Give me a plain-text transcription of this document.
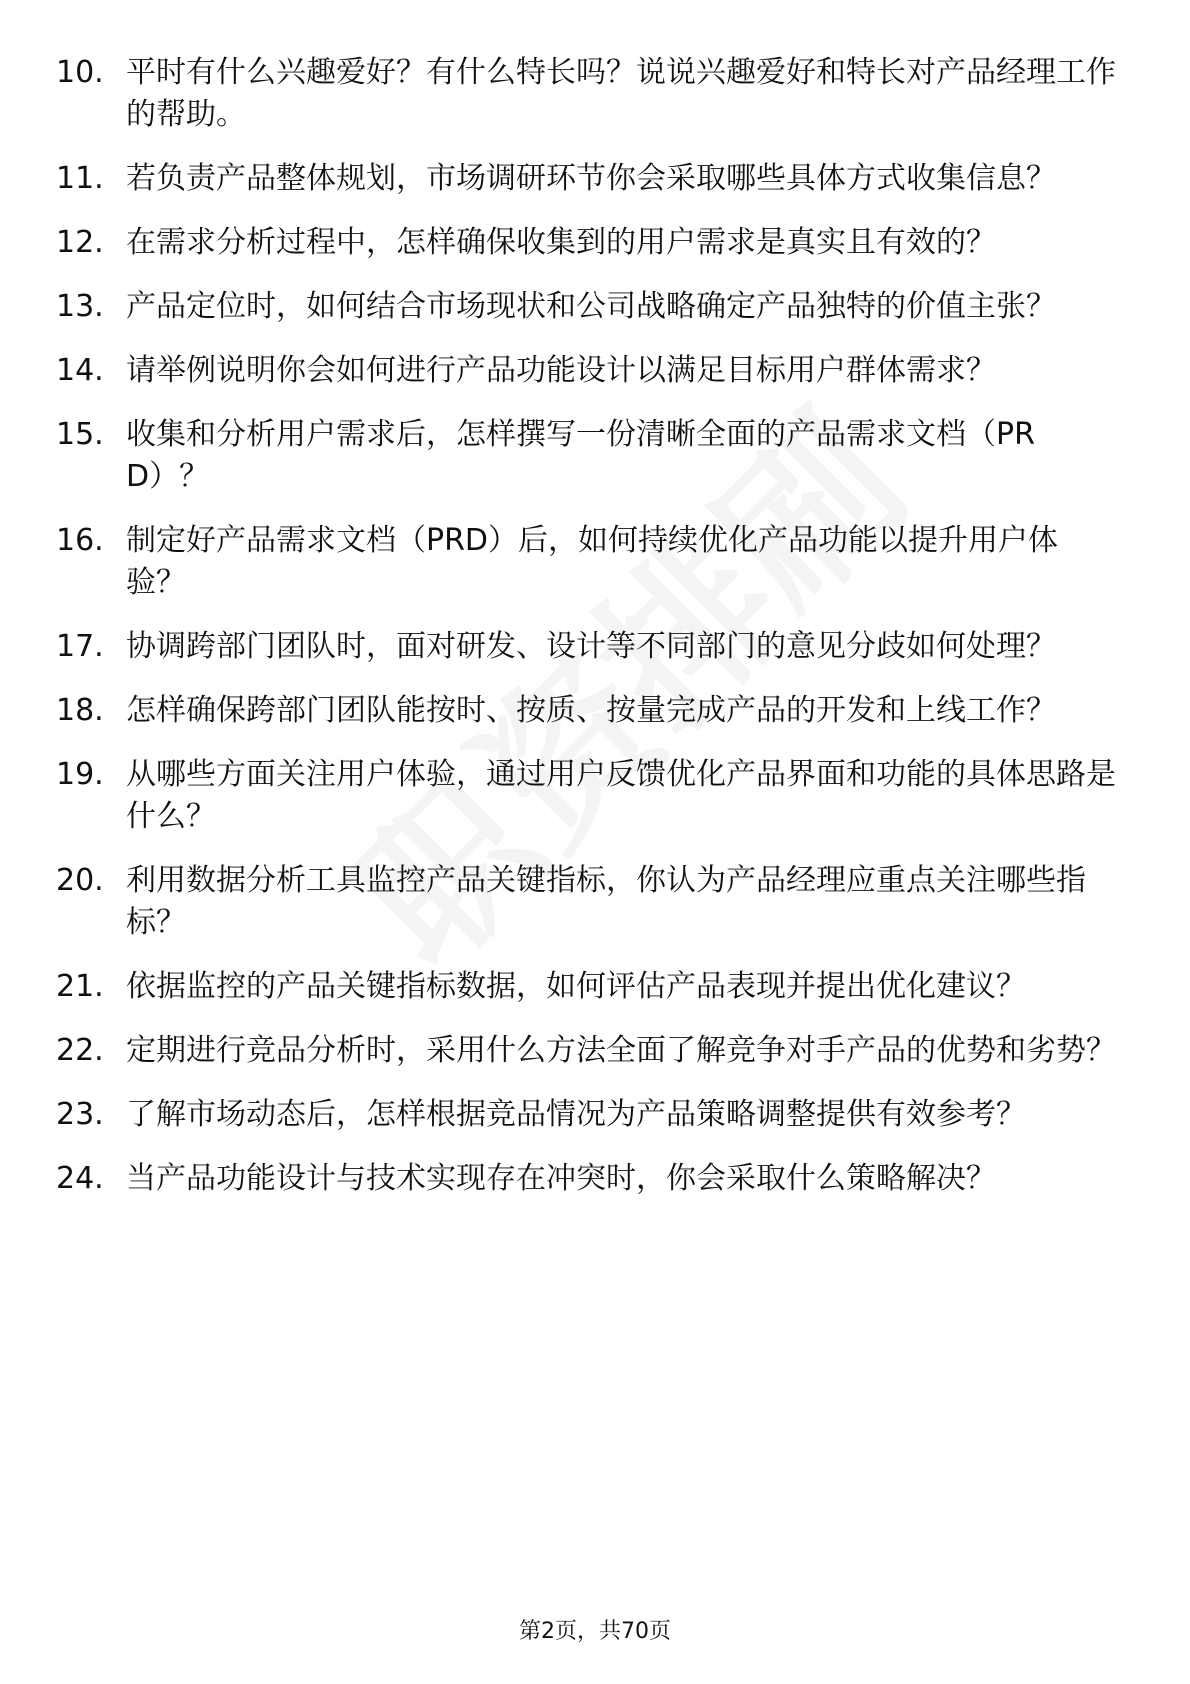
10. 平时有什么兴趣爱好？有什么特长吗？说说兴趣爱好和特长对产品经理工作的帮助。
11. 若负责产品整体规划，市场调研环节你会采取哪些具体方式收集信息？
12. 在需求分析过程中，怎样确保收集到的用户需求是真实且有效的？
13. 产品定位时，如何结合市场现状和公司战略确定产品独特的价值主张？
14. 请举例说明你会如何进行产品功能设计以满足目标用户群体需求？
15. 收集和分析用户需求后，怎样撰写一份清晰全面的产品需求文档（PRD）？
16. 制定好产品需求文档（PRD）后，如何持续优化产品功能以提升用户体验？
17. 协调跨部门团队时，面对研发、设计等不同部门的意见分歧如何处理？
18. 怎样确保跨部门团队能按时、按质、按量完成产品的开发和上线工作？
19. 从哪些方面关注用户体验，通过用户反馈优化产品界面和功能的具体思路是什么？
20. 利用数据分析工具监控产品关键指标，你认为产品经理应重点关注哪些指标？
21. 依据监控的产品关键指标数据，如何评估产品表现并提出优化建议？
22. 定期进行竞品分析时，采用什么方法全面了解竞争对手产品的优势和劣势？
23. 了解市场动态后，怎样根据竞品情况为产品策略调整提供有效参考？
24. 当产品功能设计与技术实现存在冲突时，你会采取什么策略解决？
第2页，共70页
